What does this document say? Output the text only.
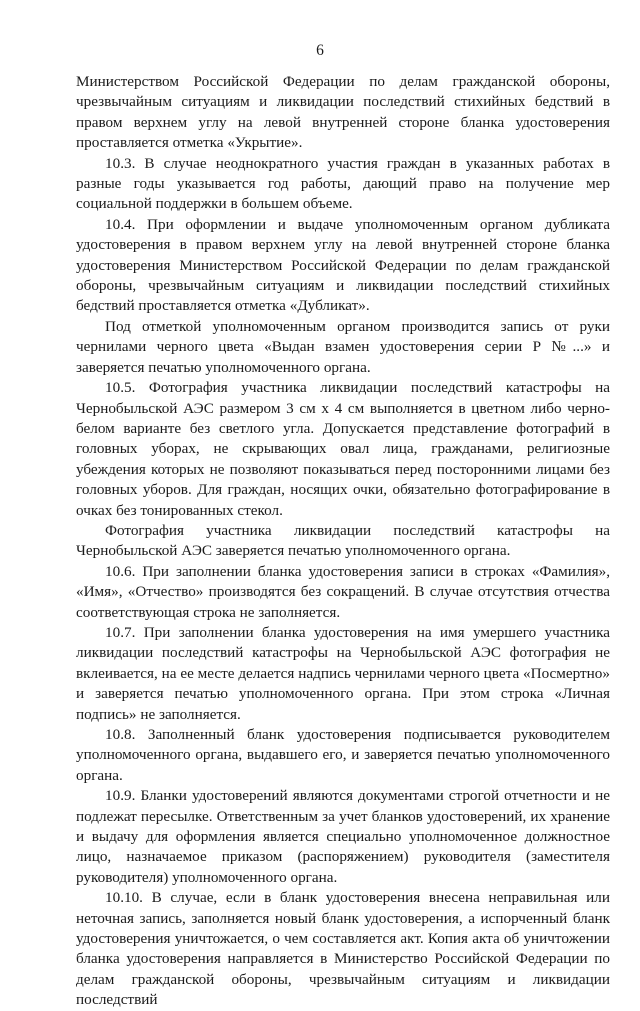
6

Министерством Российской Федерации по делам гражданской обороны, чрезвычайным ситуациям и ликвидации последствий стихийных бедствий в правом верхнем углу на левой внутренней стороне бланка удостоверения проставляется отметка «Укрытие».

10.3. В случае неоднократного участия граждан в указанных работах в разные годы указывается год работы, дающий право на получение мер социальной поддержки в большем объеме.

10.4. При оформлении и выдаче уполномоченным органом дубликата удостоверения в правом верхнем углу на левой внутренней стороне бланка удостоверения Министерством Российской Федерации по делам гражданской обороны, чрезвычайным ситуациям и ликвидации последствий стихийных бедствий проставляется отметка «Дубликат».

Под отметкой уполномоченным органом производится запись от руки чернилами черного цвета «Выдан взамен удостоверения серии Р №...» и заверяется печатью уполномоченного органа.

10.5. Фотография участника ликвидации последствий катастрофы на Чернобыльской АЭС размером 3 см х 4 см выполняется в цветном либо черно-белом варианте без светлого угла. Допускается представление фотографий в головных уборах, не скрывающих овал лица, гражданами, религиозные убеждения которых не позволяют показываться перед посторонними лицами без головных уборов. Для граждан, носящих очки, обязательно фотографирование в очках без тонированных стекол.

Фотография участника ликвидации последствий катастрофы на Чернобыльской АЭС заверяется печатью уполномоченного органа.

10.6. При заполнении бланка удостоверения записи в строках «Фамилия», «Имя», «Отчество» производятся без сокращений. В случае отсутствия отчества соответствующая строка не заполняется.

10.7. При заполнении бланка удостоверения на имя умершего участника ликвидации последствий катастрофы на Чернобыльской АЭС фотография не вклеивается, на ее месте делается надпись чернилами черного цвета «Посмертно» и заверяется печатью уполномоченного органа. При этом строка «Личная подпись» не заполняется.

10.8. Заполненный бланк удостоверения подписывается руководителем уполномоченного органа, выдавшего его, и заверяется печатью уполномоченного органа.

10.9. Бланки удостоверений являются документами строгой отчетности и не подлежат пересылке. Ответственным за учет бланков удостоверений, их хранение и выдачу для оформления является специально уполномоченное должностное лицо, назначаемое приказом (распоряжением) руководителя (заместителя руководителя) уполномоченного органа.

10.10. В случае, если в бланк удостоверения внесена неправильная или неточная запись, заполняется новый бланк удостоверения, а испорченный бланк удостоверения уничтожается, о чем составляется акт. Копия акта об уничтожении бланка удостоверения направляется в Министерство Российской Федерации по делам гражданской обороны, чрезвычайным ситуациям и ликвидации последствий
